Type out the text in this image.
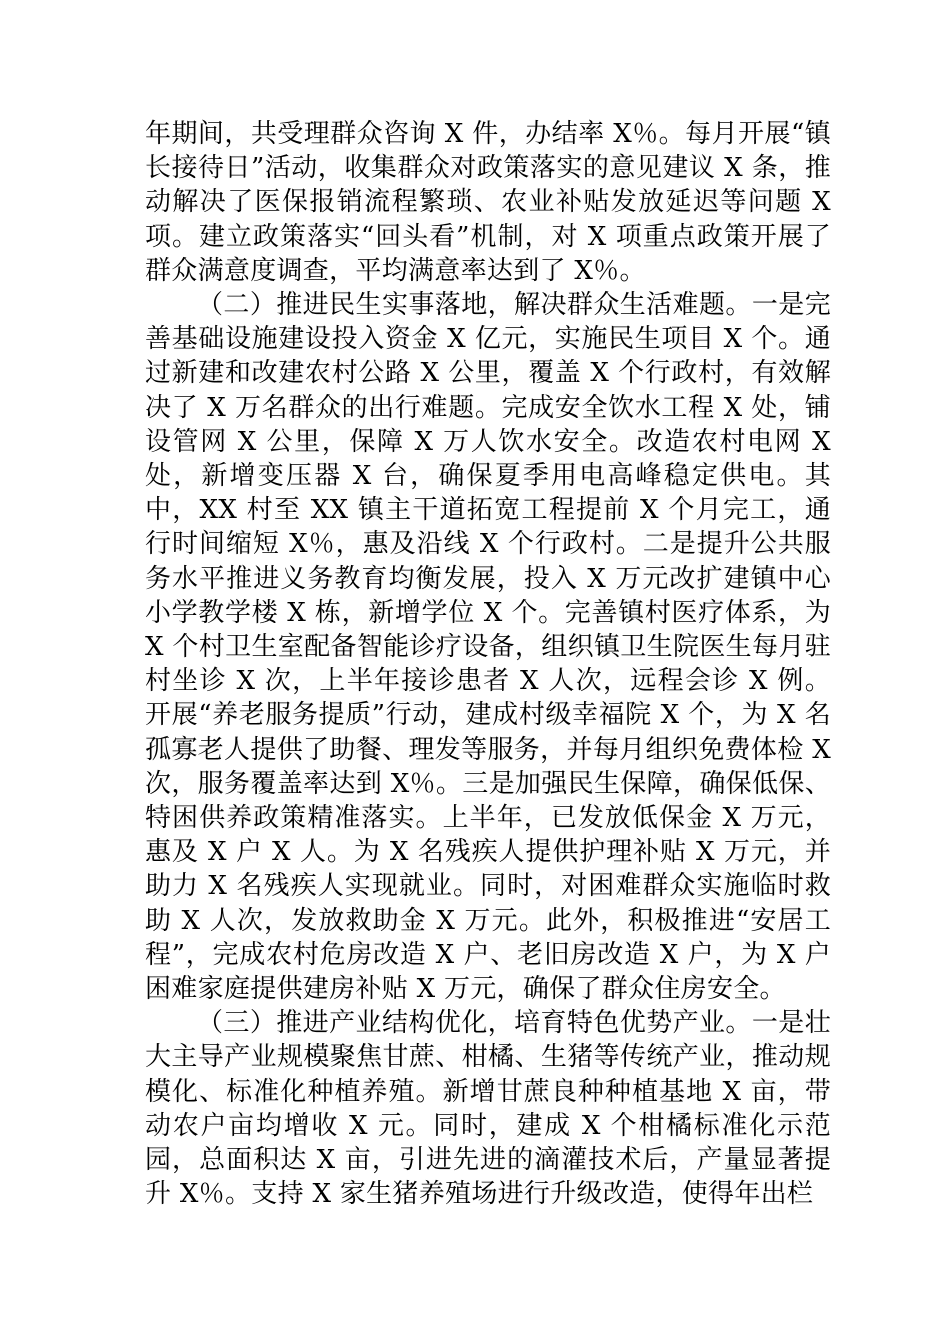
年期间，共受理群众咨询 X 件，办结率 X％。每月开展“镇长接待日”活动，收集群众对政策落实的意见建议 X 条，推动解决了医保报销流程繁琐、农业补贴发放延迟等问题 X 项。建立政策落实“回头看”机制，对 X 项重点政策开展了群众满意度调查，平均满意率达到了 X％。

（二）推进民生实事落地，解决群众生活难题。一是完善基础设施建设投入资金 X 亿元，实施民生项目 X 个。通过新建和改建农村公路 X 公里，覆盖 X 个行政村，有效解决了 X 万名群众的出行难题。完成安全饮水工程 X 处，铺设管网 X 公里，保障 X 万人饮水安全。改造农村电网 X 处，新增变压器 X 台，确保夏季用电高峰稳定供电。其中，XX 村至 XX 镇主干道拓宽工程提前 X 个月完工，通行时间缩短 X％，惠及沿线 X 个行政村。二是提升公共服务水平推进义务教育均衡发展，投入 X 万元改扩建镇中心小学教学楼 X 栋，新增学位 X 个。完善镇村医疗体系，为 X 个村卫生室配备智能诊疗设备，组织镇卫生院医生每月驻村坐诊 X 次，上半年接诊患者 X 人次，远程会诊 X 例。开展“养老服务提质”行动，建成村级幸福院 X 个，为 X 名孤寡老人提供了助餐、理发等服务，并每月组织免费体检 X 次，服务覆盖率达到 X％。三是加强民生保障，确保低保、特困供养政策精准落实。上半年，已发放低保金 X 万元，惠及 X 户 X 人。为 X 名残疾人提供护理补贴 X 万元，并助力 X 名残疾人实现就业。同时，对困难群众实施临时救助 X 人次，发放救助金 X 万元。此外，积极推进“安居工程”，完成农村危房改造 X 户、老旧房改造 X 户，为 X 户困难家庭提供建房补贴 X 万元，确保了群众住房安全。

（三）推进产业结构优化，培育特色优势产业。一是壮大主导产业规模聚焦甘蔗、柑橘、生猪等传统产业，推动规模化、标准化种植养殖。新增甘蔗良种种植基地 X 亩，带动农户亩均增收 X 元。同时，建成 X 个柑橘标准化示范园，总面积达 X 亩，引进先进的滴灌技术后，产量显著提升 X％。支持 X 家生猪养殖场进行升级改造，使得年出栏
